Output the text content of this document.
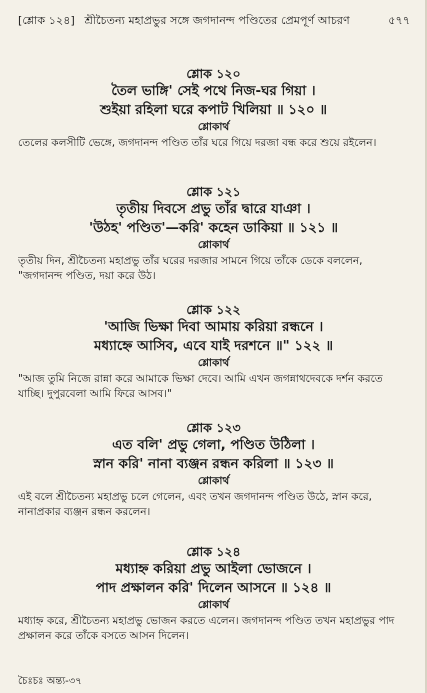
[শ্লোক ১২৪] শ্রীচৈতন্য মহাপ্রভুর সঙ্গে জগদানন্দ পণ্ডিতের প্রেমপূর্ণ আচরণ	৫৭৭
শ্লোক ১২০
তৈল ভাঙ্গি' সেই পথে নিজ-ঘর গিয়া ।
শুইয়া রহিলা ঘরে কপাট খিলিয়া ॥ ১২০ ॥
শ্লোকার্থ
তেলের কলসীটি ভেঙ্গে, জগদানন্দ পণ্ডিত তাঁর ঘরে গিয়ে দরজা বন্ধ করে শুয়ে রইলেন।
শ্লোক ১২১
তৃতীয় দিবসে প্রভু তাঁর দ্বারে যাঞা ।
'উঠহ' পণ্ডিত'—করি' কহেন ডাকিয়া ॥ ১২১ ॥
শ্লোকার্থ
তৃতীয় দিন, শ্রীচৈতন্য মহাপ্রভু তাঁর ঘরের দরজার সামনে গিয়ে তাঁকে ডেকে বললেন, "জগদানন্দ পণ্ডিত, দয়া করে উঠ।
শ্লোক ১২২
'আজি ভিক্ষা দিবা আমায় করিয়া রন্ধনে ।
মধ্যাহ্নে আসিব, এবে যাই দরশনে ॥" ১২২ ॥
শ্লোকার্থ
"আজ তুমি নিজে রান্না করে আমাকে ভিক্ষা দেবে। আমি এখন জগন্নাথদেবকে দর্শন করতে যাচ্ছি। দুপুরবেলা আমি ফিরে আসব।"
শ্লোক ১২৩
এত বলি' প্রভু গেলা, পণ্ডিত উঠিলা ।
স্নান করি' নানা ব্যঞ্জন রন্ধন করিলা ॥ ১২৩ ॥
শ্লোকার্থ
এই বলে শ্রীচৈতন্য মহাপ্রভু চলে গেলেন, এবং তখন জগদানন্দ পণ্ডিত উঠে, স্নান করে, নানাপ্রকার ব্যঞ্জন রন্ধন করলেন।
শ্লোক ১২৪
মধ্যাহ্ন করিয়া প্রভু আইলা ভোজনে ।
পাদ প্রক্ষালন করি' দিলেন আসনে ॥ ১২৪ ॥
শ্লোকার্থ
মধ্যাহ্ন করে, শ্রীচৈতন্য মহাপ্রভু ভোজন করতে এলেন। জগদানন্দ পণ্ডিত তখন মহাপ্রভুর পাদ প্রক্ষালন করে তাঁকে বসতে আসন দিলেন।
চৈঃচঃ অন্ত্য-৩৭
